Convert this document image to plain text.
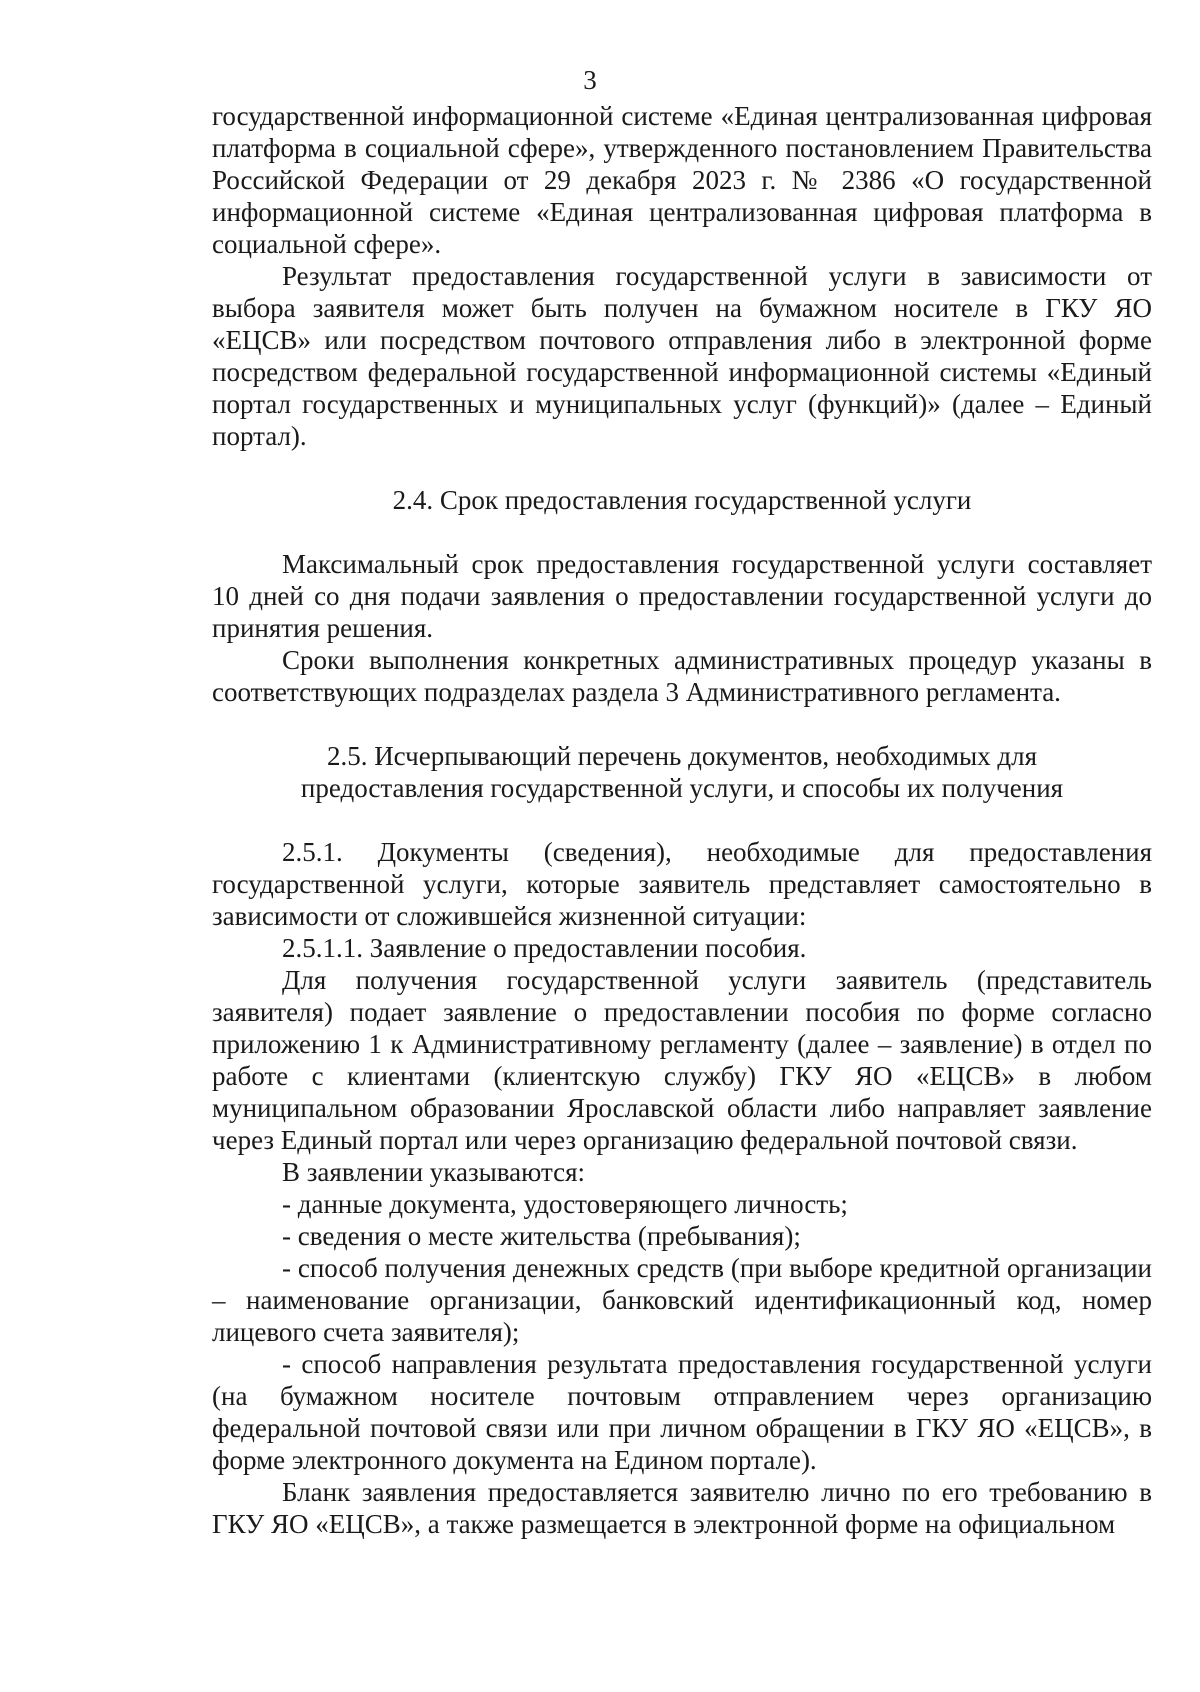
3

государственной информационной системе «Единая централизованная цифровая платформа в социальной сфере», утвержденного постановлением Правительства Российской Федерации от 29 декабря 2023 г. № 2386 «О государственной информационной системе «Единая централизованная цифровая платформа в социальной сфере».

Результат предоставления государственной услуги в зависимости от выбора заявителя может быть получен на бумажном носителе в ГКУ ЯО «ЕЦСВ» или посредством почтового отправления либо в электронной форме посредством федеральной государственной информационной системы «Единый портал государственных и муниципальных услуг (функций)» (далее – Единый портал).

2.4. Срок предоставления государственной услуги

Максимальный срок предоставления государственной услуги составляет 10 дней со дня подачи заявления о предоставлении государственной услуги до принятия решения.

Сроки выполнения конкретных административных процедур указаны в соответствующих подразделах раздела 3 Административного регламента.

2.5. Исчерпывающий перечень документов, необходимых для
предоставления государственной услуги, и способы их получения

2.5.1. Документы (сведения), необходимые для предоставления государственной услуги, которые заявитель представляет самостоятельно в зависимости от сложившейся жизненной ситуации:

2.5.1.1. Заявление о предоставлении пособия.

Для получения государственной услуги заявитель (представитель заявителя) подает заявление о предоставлении пособия по форме согласно приложению 1 к Административному регламенту (далее – заявление) в отдел по работе с клиентами (клиентскую службу) ГКУ ЯО «ЕЦСВ» в любом муниципальном образовании Ярославской области либо направляет заявление через Единый портал или через организацию федеральной почтовой связи.

В заявлении указываются:

- данные документа, удостоверяющего личность;

- сведения о месте жительства (пребывания);

- способ получения денежных средств (при выборе кредитной организации – наименование организации, банковский идентификационный код, номер лицевого счета заявителя);

- способ направления результата предоставления государственной услуги (на бумажном носителе почтовым отправлением через организацию федеральной почтовой связи или при личном обращении в ГКУ ЯО «ЕЦСВ», в форме электронного документа на Едином портале).

Бланк заявления предоставляется заявителю лично по его требованию в ГКУ ЯО «ЕЦСВ», а также размещается в электронной форме на официальном
